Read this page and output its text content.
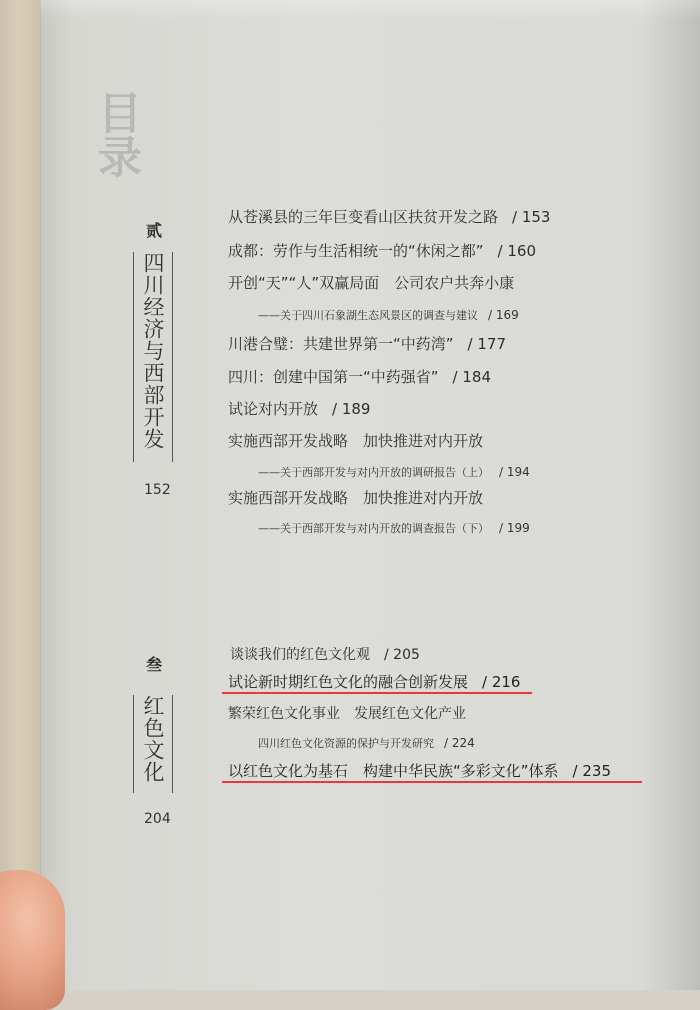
目录
贰
四川经济与西部开发
152
从苍溪县的三年巨变看山区扶贫开发之路 / 153
成都：劳作与生活相统一的“休闲之都” / 160
开创“天”“人”双赢局面　公司农户共奔小康
——关于四川石象湖生态风景区的调查与建议 / 169
川港合璧：共建世界第一“中药湾” / 177
四川：创建中国第一“中药强省” / 184
试论对内开放 / 189
实施西部开发战略　加快推进对内开放
——关于西部开发与对内开放的调研报告（上） / 194
实施西部开发战略　加快推进对内开放
——关于西部开发与对内开放的调查报告（下） / 199
叁
红色文化
204
谈谈我们的红色文化观 / 205
试论新时期红色文化的融合创新发展 / 216
繁荣红色文化事业　发展红色文化产业
四川红色文化资源的保护与开发研究 / 224
以红色文化为基石　构建中华民族“多彩文化”体系 / 235
